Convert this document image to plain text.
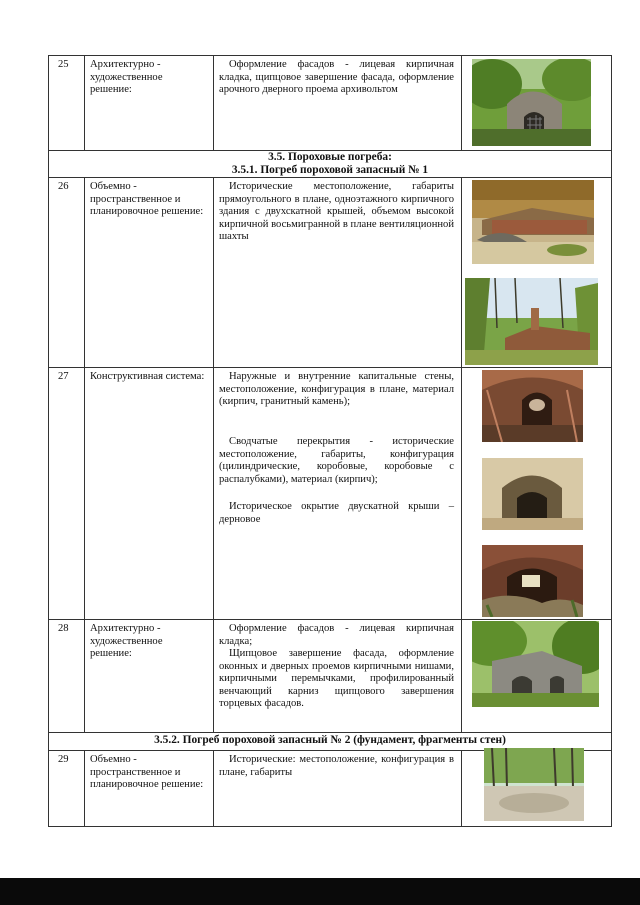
25 Архитектурно - художественное решение:
Оформление фасадов - лицевая кирпичная кладка, щипцовое завершение фасада, оформление арочного дверного проема архивольтом
3.5. Пороховые погреба:
3.5.1. Погреб пороховой запасный № 1
26 Объемно - пространственное и планировочное решение:
Исторические местоположение, габариты прямоугольного в плане, одноэтажного кирпичного здания с двухскатной крышей, объемом высокой кирпичной восьмигранной в плане вентиляционной шахты
27 Конструктивная система:	Наружные и внутренние капитальные стены, местоположение, конфигурация в плане, материал (кирпич, гранитный камень);
Сводчатые перекрытия - исторические местоположение, габариты, конфигурация (цилиндрические, коробовые, коробовые с распалубками), материал (кирпич);
Историческое окрытие двускатной крыши – дерновое
28 Архитектурно - художественное решение:
Оформление фасадов - лицевая кирпичная кладка;
Щипцовое завершение фасада, оформление оконных и дверных проемов кирпичными нишами, кирпичными перемычками, профилированный венчающий карниз щипцового завершения торцевых фасадов.
3.5.2. Погреб пороховой запасный № 2 (фундамент, фрагменты стен)
29 Объемно - пространственное и планировочное решение:
Исторические: местоположение, конфигурация в плане, габариты
